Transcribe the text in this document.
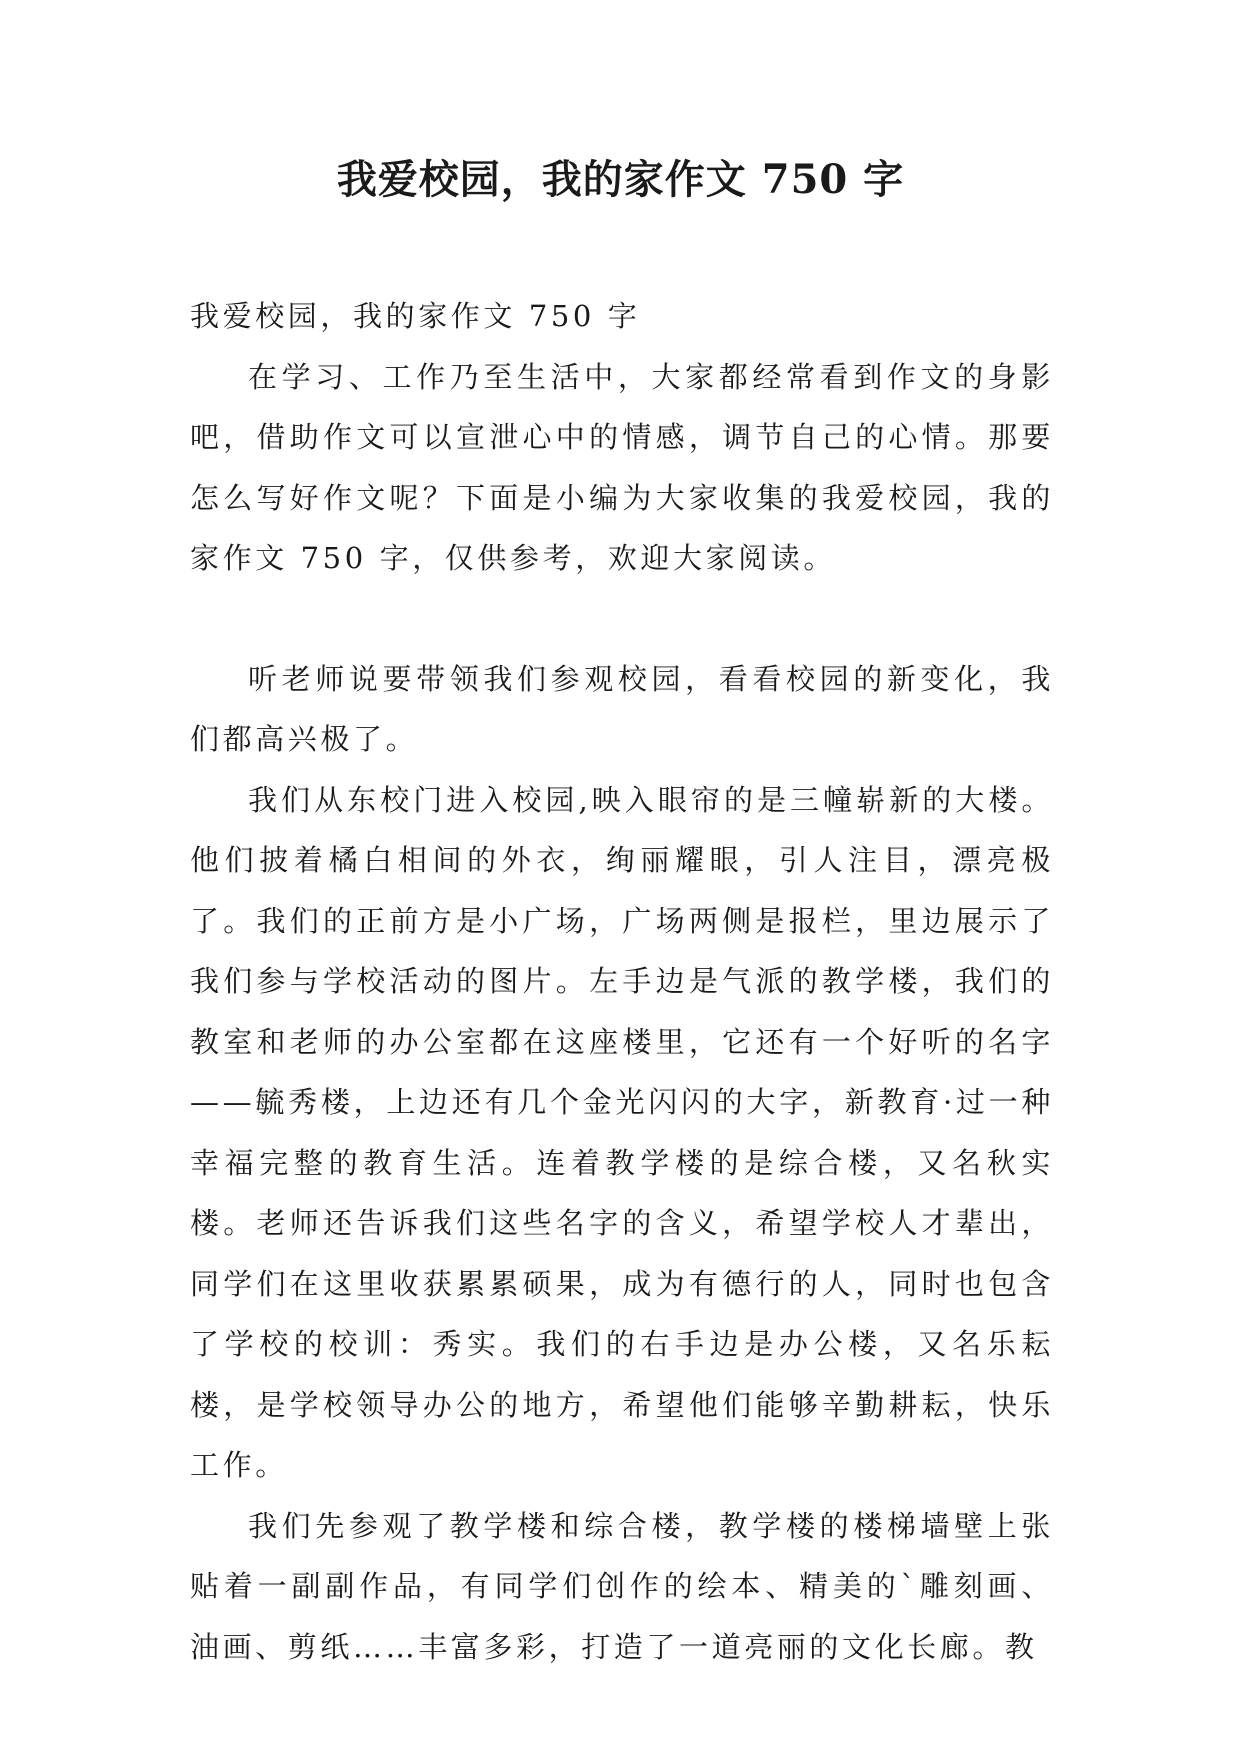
我爱校园，我的家作文 750 字

我爱校园，我的家作文 750 字

在学习、工作乃至生活中，大家都经常看到作文的身影吧，借助作文可以宣泄心中的情感，调节自己的心情。那要怎么写好作文呢？下面是小编为大家收集的我爱校园，我的家作文 750 字，仅供参考，欢迎大家阅读。

听老师说要带领我们参观校园，看看校园的新变化，我们都高兴极了。

我们从东校门进入校园,映入眼帘的是三幢崭新的大楼。他们披着橘白相间的外衣，绚丽耀眼，引人注目，漂亮极了。我们的正前方是小广场，广场两侧是报栏，里边展示了我们参与学校活动的图片。左手边是气派的教学楼，我们的教室和老师的办公室都在这座楼里，它还有一个好听的名字——毓秀楼，上边还有几个金光闪闪的大字，新教育·过一种幸福完整的教育生活。连着教学楼的是综合楼，又名秋实楼。老师还告诉我们这些名字的含义，希望学校人才辈出，同学们在这里收获累累硕果，成为有德行的人，同时也包含了学校的校训：秀实。我们的右手边是办公楼，又名乐耘楼，是学校领导办公的地方，希望他们能够辛勤耕耘，快乐工作。

我们先参观了教学楼和综合楼，教学楼的楼梯墙壁上张贴着一副副作品，有同学们创作的绘本、精美的`雕刻画、油画、剪纸……丰富多彩，打造了一道亮丽的文化长廊。教
